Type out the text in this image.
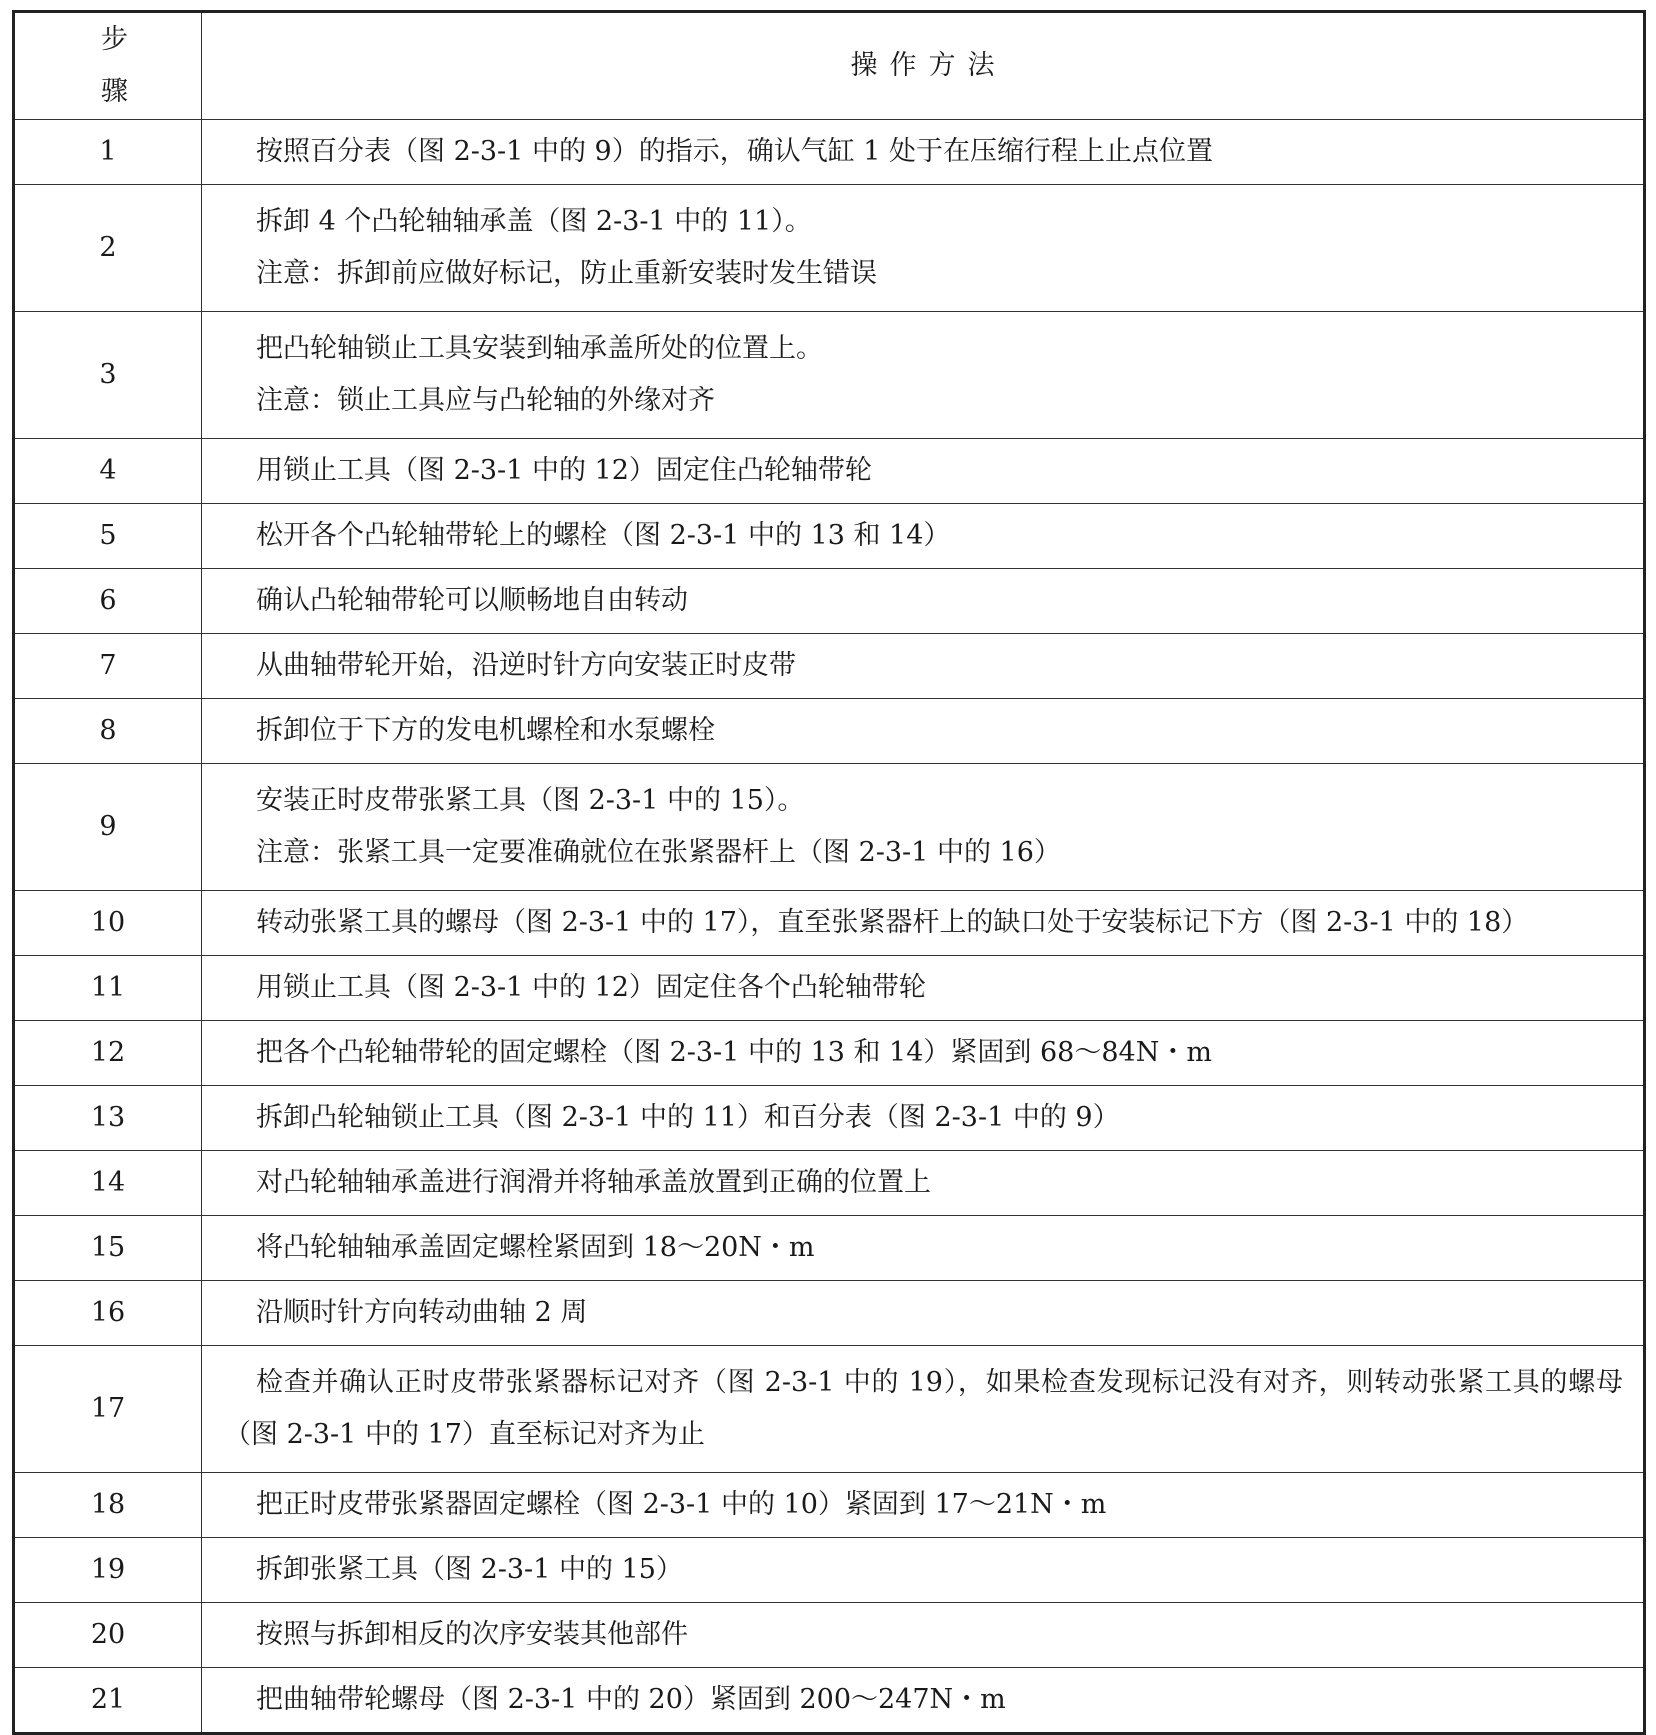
步　　骤	操作方法
1	按照百分表（图 2-3-1 中的 9）的指示，确认气缸 1 处于在压缩行程上止点位置

2	拆卸 4 个凸轮轴轴承盖（图 2-3-1 中的 11）。
注意：拆卸前应做好标记，防止重新安装时发生错误

3	把凸轮轴锁止工具安装到轴承盖所处的位置上。
注意：锁止工具应与凸轮轴的外缘对齐

4	用锁止工具（图 2-3-1 中的 12）固定住凸轮轴带轮

5	松开各个凸轮轴带轮上的螺栓（图 2-3-1 中的 13 和 14）

6	确认凸轮轴带轮可以顺畅地自由转动

7	从曲轴带轮开始，沿逆时针方向安装正时皮带

8	拆卸位于下方的发电机螺栓和水泵螺栓

9	安装正时皮带张紧工具（图 2-3-1 中的 15）。
注意：张紧工具一定要准确就位在张紧器杆上（图 2-3-1 中的 16）

10	转动张紧工具的螺母（图 2-3-1 中的 17），直至张紧器杆上的缺口处于安装标记下方（图 2-3-1 中的 18）

11	用锁止工具（图 2-3-1 中的 12）固定住各个凸轮轴带轮

12	把各个凸轮轴带轮的固定螺栓（图 2-3-1 中的 13 和 14）紧固到 68～84N・m

13	拆卸凸轮轴锁止工具（图 2-3-1 中的 11）和百分表（图 2-3-1 中的 9）

14	对凸轮轴轴承盖进行润滑并将轴承盖放置到正确的位置上

15	将凸轮轴轴承盖固定螺栓紧固到 18～20N・m

16	沿顺时针方向转动曲轴 2 周

17	检查并确认正时皮带张紧器标记对齐（图 2-3-1 中的 19），如果检查发现标记没有对齐，则转动张紧工具的螺母（图 2-3-1 中的 17）直至标记对齐为止

18	把正时皮带张紧器固定螺栓（图 2-3-1 中的 10）紧固到 17～21N・m

19	拆卸张紧工具（图 2-3-1 中的 15）

20	按照与拆卸相反的次序安装其他部件

21	把曲轴带轮螺母（图 2-3-1 中的 20）紧固到 200～247N・m
